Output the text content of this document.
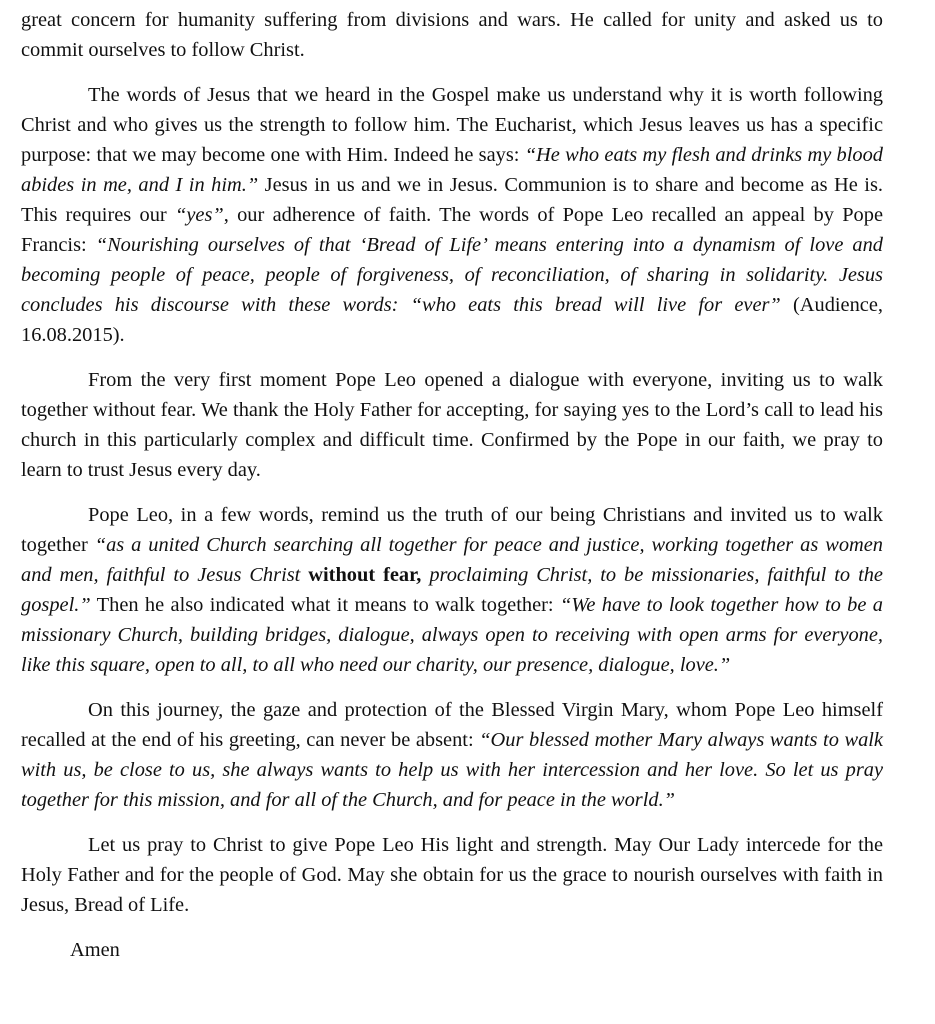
great concern for humanity suffering from divisions and wars. He called for unity and asked us to commit ourselves to follow Christ.

The words of Jesus that we heard in the Gospel make us understand why it is worth following Christ and who gives us the strength to follow him. The Eucharist, which Jesus leaves us has a specific purpose: that we may become one with Him. Indeed he says: “He who eats my flesh and drinks my blood abides in me, and I in him.” Jesus in us and we in Jesus. Communion is to share and become as He is. This requires our “yes”, our adherence of faith. The words of Pope Leo recalled an appeal by Pope Francis: “Nourishing ourselves of that ‘Bread of Life’ means entering into a dynamism of love and becoming people of peace, people of forgiveness, of reconciliation, of sharing in solidarity. Jesus concludes his discourse with these words: “who eats this bread will live for ever” (Audience, 16.08.2015).

From the very first moment Pope Leo opened a dialogue with everyone, inviting us to walk together without fear. We thank the Holy Father for accepting, for saying yes to the Lord’s call to lead his church in this particularly complex and difficult time. Confirmed by the Pope in our faith, we pray to learn to trust Jesus every day.

Pope Leo, in a few words, remind us the truth of our being Christians and invited us to walk together “as a united Church searching all together for peace and justice, working together as women and men, faithful to Jesus Christ without fear, proclaiming Christ, to be missionaries, faithful to the gospel.” Then he also indicated what it means to walk together: “We have to look together how to be a missionary Church, building bridges, dialogue, always open to receiving with open arms for everyone, like this square, open to all, to all who need our charity, our presence, dialogue, love.”

On this journey, the gaze and protection of the Blessed Virgin Mary, whom Pope Leo himself recalled at the end of his greeting, can never be absent: “Our blessed mother Mary always wants to walk with us, be close to us, she always wants to help us with her intercession and her love. So let us pray together for this mission, and for all of the Church, and for peace in the world.”

Let us pray to Christ to give Pope Leo His light and strength. May Our Lady intercede for the Holy Father and for the people of God. May she obtain for us the grace to nourish ourselves with faith in Jesus, Bread of Life.

Amen
